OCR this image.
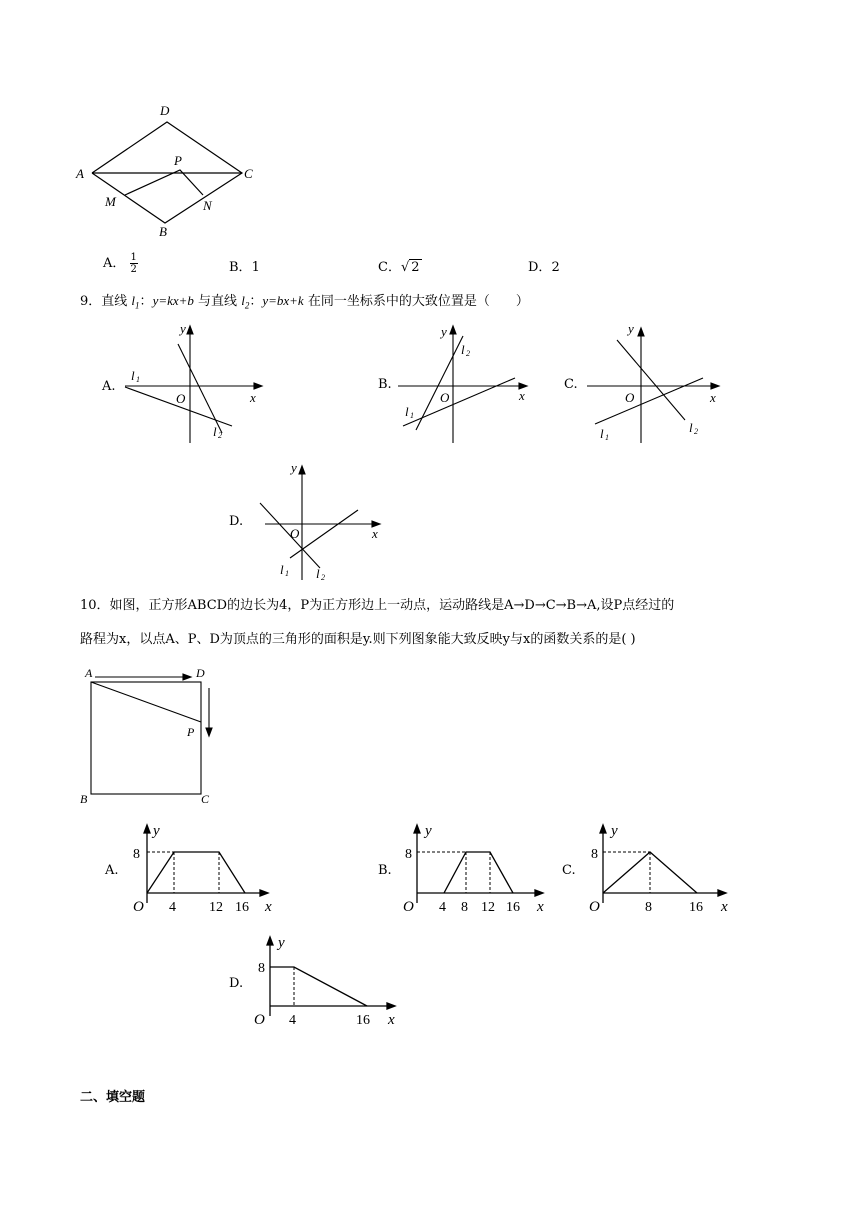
D
A
P
C
M	N
B
A． $\frac{1}{2}$	B．1	C．√ 2	D．2
9．直线 $l_1$：y=kx+b 与直线 $l_2$：y=bx+k 在同一坐标系中的大致位置是（　　）
A.
y
x
O
l 1
l 2
B.
y
x
O
l 2
l 1
C.
y
x
O
l 1
l 2
D.
y
x
O
l 1 l 2
10．如图，正方形ABCD的边长为4，P为正方形边上一动点，运动路线是A→D→C→B→A,设P点经过的
路程为x，以点A、P、D为顶点的三角形的面积是y.则下列图象能大致反映y与x的函数关系的是( )
A	D
P
B	C
A.
y
8
O 4 12 16 x
B.
y
8
O 4 8 12 16 x
C.
y
8
O	8	16 x
D.
y
8
O 4	16 x
二、填空题
